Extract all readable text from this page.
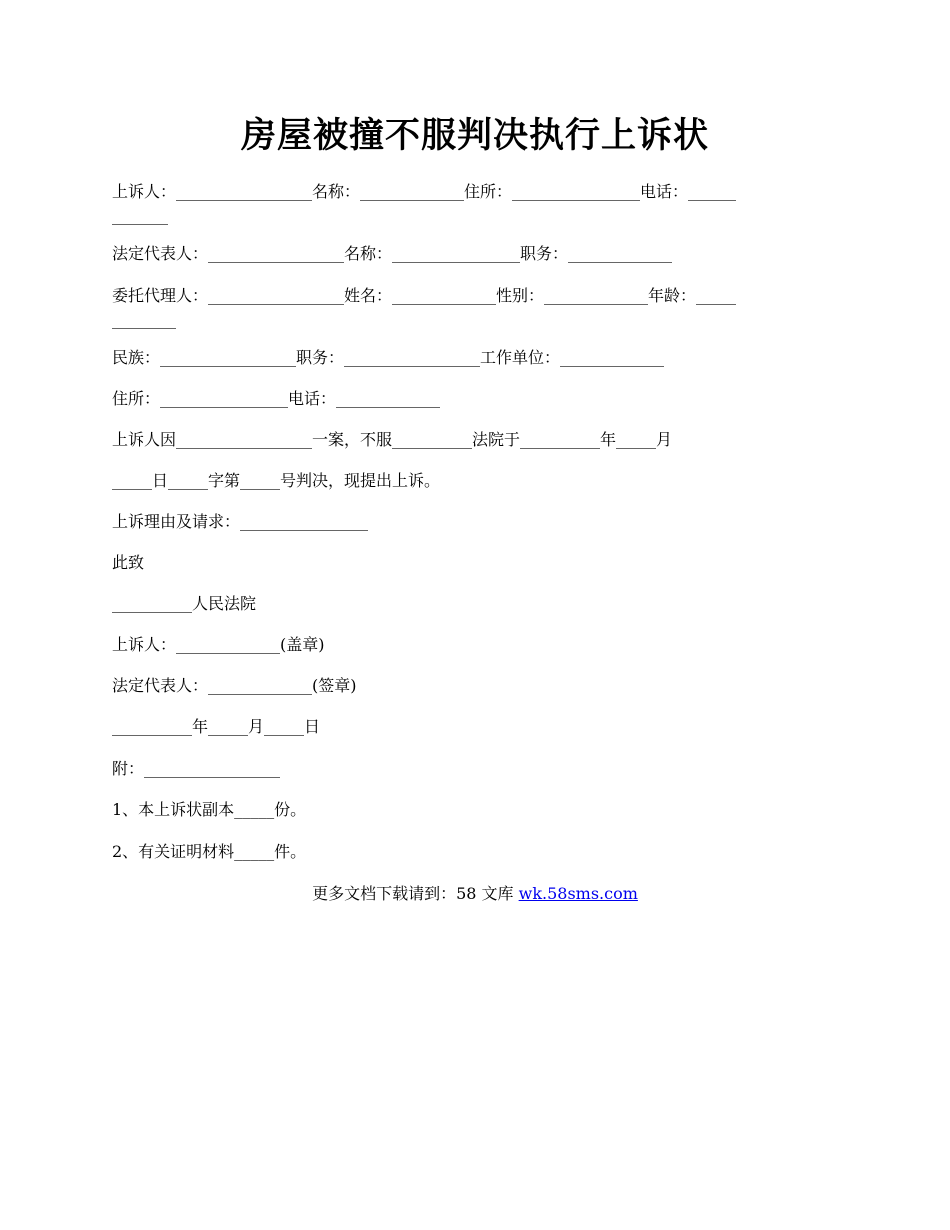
房屋被撞不服判决执行上诉状
上诉人：_________________名称：_____________住所：________________电话：______
_______
法定代表人：_________________名称：________________职务：_____________
委托代理人：_________________姓名：_____________性别：_____________年龄：_____
________
民族：_________________职务：_________________工作单位：_____________
住所：________________电话：_____________
上诉人因_________________一案，不服__________法院于__________年_____月
_____日_____字第_____号判决，现提出上诉。
上诉理由及请求：________________
此致
__________人民法院
上诉人：_____________(盖章)
法定代表人：_____________(签章)
__________年_____月_____日
附：_________________
1、本上诉状副本_____份。
2、有关证明材料_____件。
更多文档下载请到：58 文库 wk.58sms.com
